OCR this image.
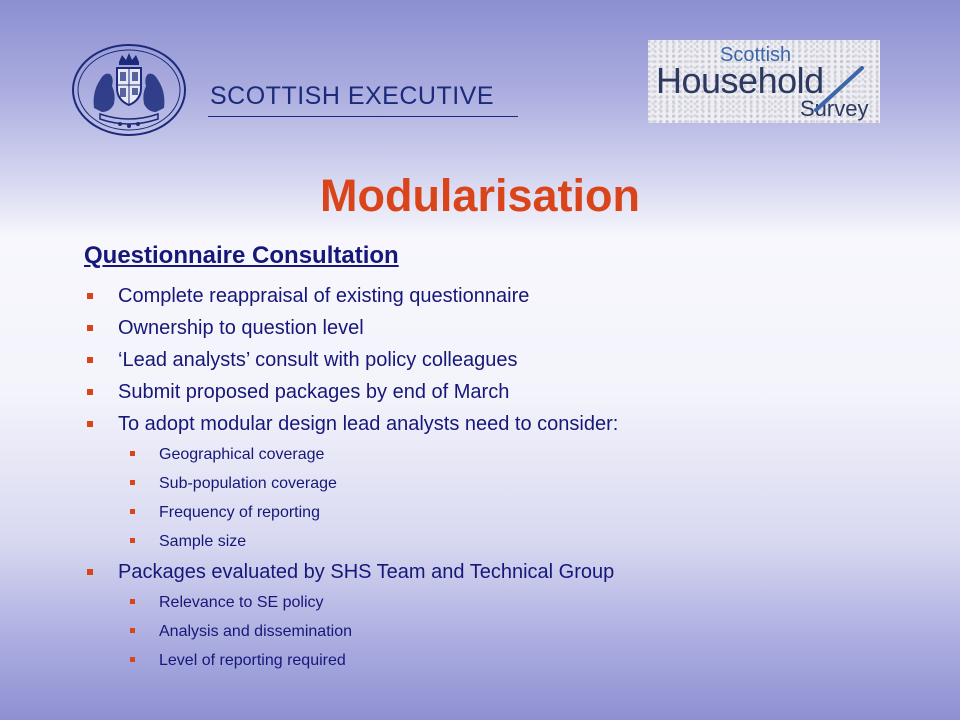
SCOTTISH EXECUTIVE
Scottish
Household
Survey
Modularisation
Questionnaire Consultation
Complete reappraisal of existing questionnaire
Ownership to question level
‘Lead analysts’ consult with policy colleagues
Submit proposed packages by end of March
To adopt modular design lead analysts need to consider:
Geographical coverage
Sub-population coverage
Frequency of reporting
Sample size
Packages evaluated by SHS Team and Technical Group
Relevance to SE policy
Analysis and dissemination
Level of reporting required
